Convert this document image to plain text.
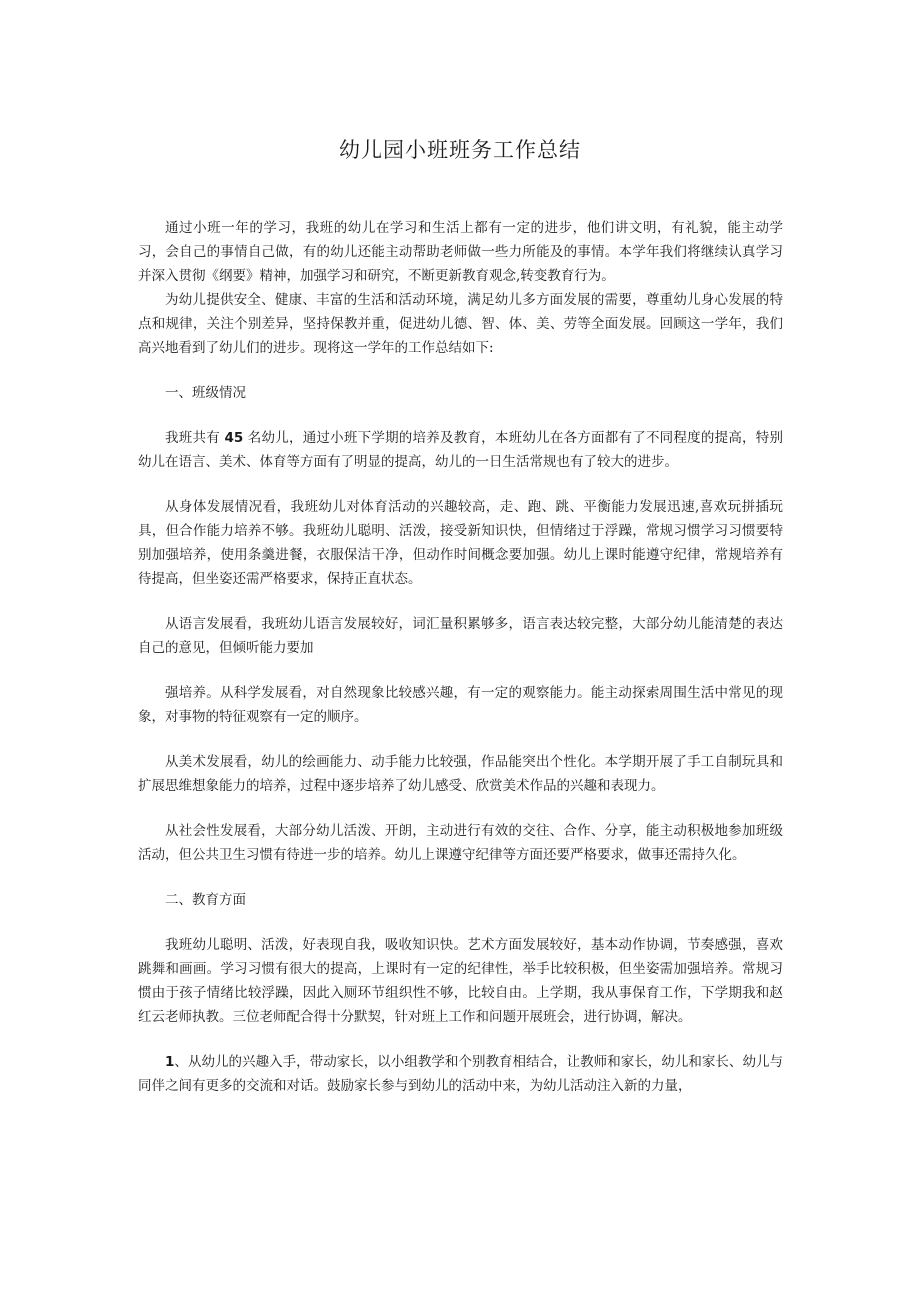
幼儿园小班班务工作总结

通过小班一年的学习，我班的幼儿在学习和生活上都有一定的进步，他们讲文明，有礼貌，能主动学习，会自己的事情自己做，有的幼儿还能主动帮助老师做一些力所能及的事情。本学年我们将继续认真学习并深入贯彻《纲要》精神，加强学习和研究，不断更新教育观念,转变教育行为。

为幼儿提供安全、健康、丰富的生活和活动环境，满足幼儿多方面发展的需要，尊重幼儿身心发展的特点和规律，关注个别差异，坚持保教并重，促进幼儿德、智、体、美、劳等全面发展。回顾这一学年，我们高兴地看到了幼儿们的进步。现将这一学年的工作总结如下:

一、班级情况

我班共有 45 名幼儿，通过小班下学期的培养及教育，本班幼儿在各方面都有了不同程度的提高，特别幼儿在语言、美术、体育等方面有了明显的提高，幼儿的一日生活常规也有了较大的进步。

从身体发展情况看，我班幼儿对体育活动的兴趣较高，走、跑、跳、平衡能力发展迅速,喜欢玩拼插玩具，但合作能力培养不够。我班幼儿聪明、活泼，接受新知识快，但情绪过于浮躁，常规习惯学习习惯要特别加强培养，使用条羹进餐，衣服保洁干净，但动作时间概念要加强。幼儿上课时能遵守纪律，常规培养有待提高，但坐姿还需严格要求，保持正直状态。

从语言发展看，我班幼儿语言发展较好，词汇量积累够多，语言表达较完整，大部分幼儿能清楚的表达自己的意见，但倾听能力要加

强培养。从科学发展看，对自然现象比较感兴趣，有一定的观察能力。能主动探索周围生活中常见的现象，对事物的特征观察有一定的顺序。

从美术发展看，幼儿的绘画能力、动手能力比较强，作品能突出个性化。本学期开展了手工自制玩具和扩展思维想象能力的培养，过程中逐步培养了幼儿感受、欣赏美术作品的兴趣和表现力。

从社会性发展看，大部分幼儿活泼、开朗，主动进行有效的交往、合作、分享，能主动积极地参加班级活动，但公共卫生习惯有待进一步的培养。幼儿上课遵守纪律等方面还要严格要求，做事还需持久化。

二、教育方面

我班幼儿聪明、活泼，好表现自我，吸收知识快。艺术方面发展较好，基本动作协调，节奏感强，喜欢跳舞和画画。学习习惯有很大的提高，上课时有一定的纪律性，举手比较积极，但坐姿需加强培养。常规习惯由于孩子情绪比较浮躁，因此入厕环节组织性不够，比较自由。上学期，我从事保育工作，下学期我和赵红云老师执教。三位老师配合得十分默契，针对班上工作和问题开展班会，进行协调，解决。

1、从幼儿的兴趣入手，带动家长，以小组教学和个别教育相结合，让教师和家长，幼儿和家长、幼儿与同伴之间有更多的交流和对话。鼓励家长参与到幼儿的活动中来，为幼儿活动注入新的力量，
